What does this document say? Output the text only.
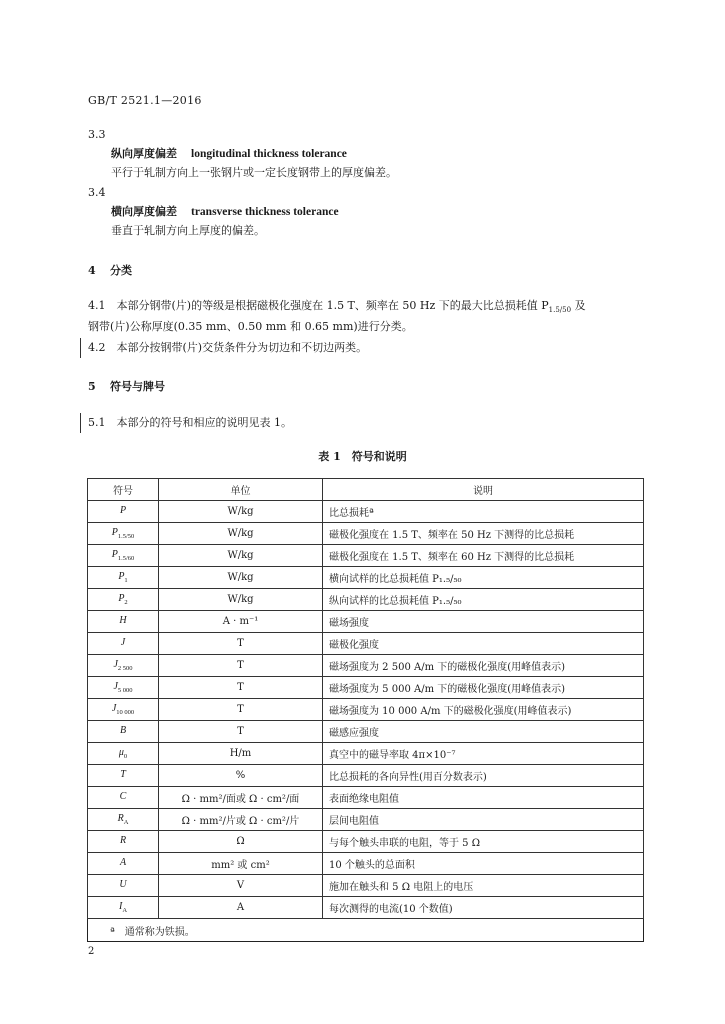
GB/T 2521.1—2016
3.3
纵向厚度偏差 longitudinal thickness tolerance
平行于轧制方向上一张钢片或一定长度钢带上的厚度偏差。
3.4
横向厚度偏差 transverse thickness tolerance
垂直于轧制方向上厚度的偏差。
4 分类
4.1　本部分钢带(片)的等级是根据磁极化强度在 1.5 T、频率在 50 Hz 下的最大比总损耗值 $P_{1.5/50}$ 及
钢带(片)公称厚度(0.35 mm、0.50 mm 和 0.65 mm)进行分类。
4.2　本部分按钢带(片)交货条件分为切边和不切边两类。
5 符号与牌号
5.1　本部分的符号和相应的说明见表 1。
表 1　符号和说明
符号	单位	说明
P	W/kg	比总损耗ª
$P_{1.5/50}$	W/kg	磁极化强度在 1.5 T、频率在 50 Hz 下测得的比总损耗
$P_{1.5/60}$	W/kg	磁极化强度在 1.5 T、频率在 60 Hz 下测得的比总损耗
$P_1$	W/kg	横向试样的比总损耗值 P₁.₅/₅₀
$P_2$	W/kg	纵向试样的比总损耗值 P₁.₅/₅₀
H	A · m⁻¹	磁场强度
J	T	磁极化强度
$J_{2 500}$	T	磁场强度为 2 500 A/m 下的磁极化强度(用峰值表示)
$J_{5 000}$	T	磁场强度为 5 000 A/m 下的磁极化强度(用峰值表示)
$J_{10 000}$	T	磁场强度为 10 000 A/m 下的磁极化强度(用峰值表示)
B	T	磁感应强度
$\mu_0$	H/m	真空中的磁导率取 4π×10⁻⁷
T	%	比总损耗的各向异性(用百分数表示)
C	Ω · mm²/面或 Ω · cm²/面	表面绝缘电阻值
$R_A$	Ω · mm²/片或 Ω · cm²/片	层间电阻值
R	Ω	与每个触头串联的电阻，等于 5 Ω
A	mm² 或 cm²	10 个触头的总面积
U	V	施加在触头和 5 Ω 电阻上的电压
$I_A$	A	每次测得的电流(10 个数值)
ª　通常称为铁损。		
2
